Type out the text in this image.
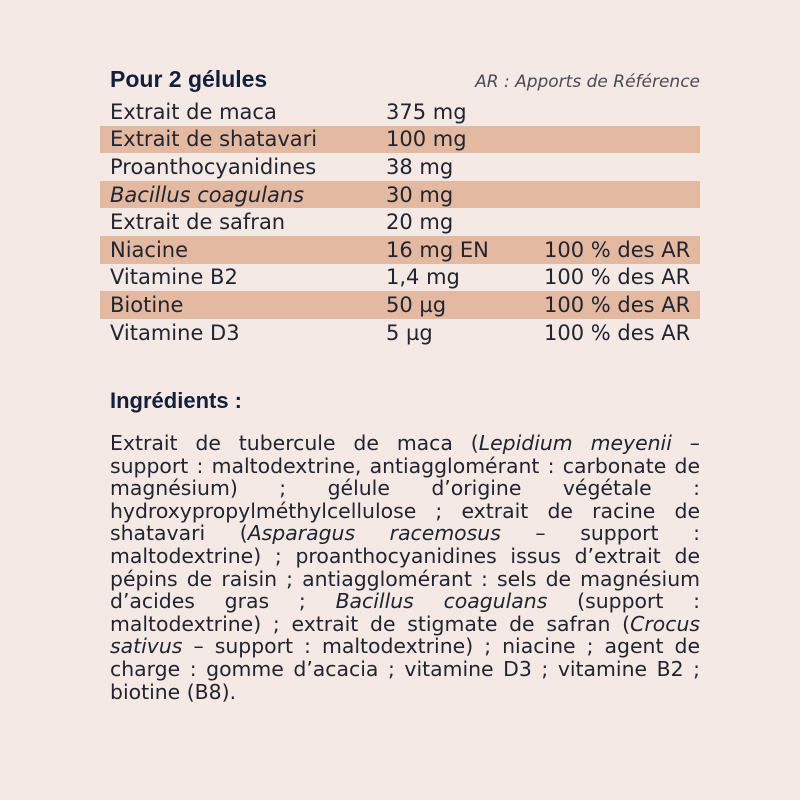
Pour 2 gélules	AR : Apports de Référence
Extrait de maca	375 mg
Extrait de shatavari	100 mg
Proanthocyanidines	38 mg
Bacillus coagulans	30 mg
Extrait de safran	20 mg
Niacine	16 mg EN	100 % des AR
Vitamine B2	1,4 mg	100 % des AR
Biotine	50 µg	100 % des AR
Vitamine D3	5 µg	100 % des AR
Ingrédients :
Extrait de tubercule de maca (Lepidium meyenii – support : maltodextrine, antiagglomérant : carbonate de magnésium) ; gélule d’origine végétale : hydroxypropylméthylcellulose ; extrait de racine de shatavari (Asparagus racemosus – support : maltodextrine) ; proanthocyanidines issus d’extrait de pépins de raisin ; antiagglomérant : sels de magnésium d’acides gras ; Bacillus coagulans (support : maltodextrine) ; extrait de stigmate de safran (Crocus sativus – support : maltodextrine) ; niacine ; agent de charge : gomme d’acacia ; vitamine D3 ; vitamine B2 ; biotine (B8).
